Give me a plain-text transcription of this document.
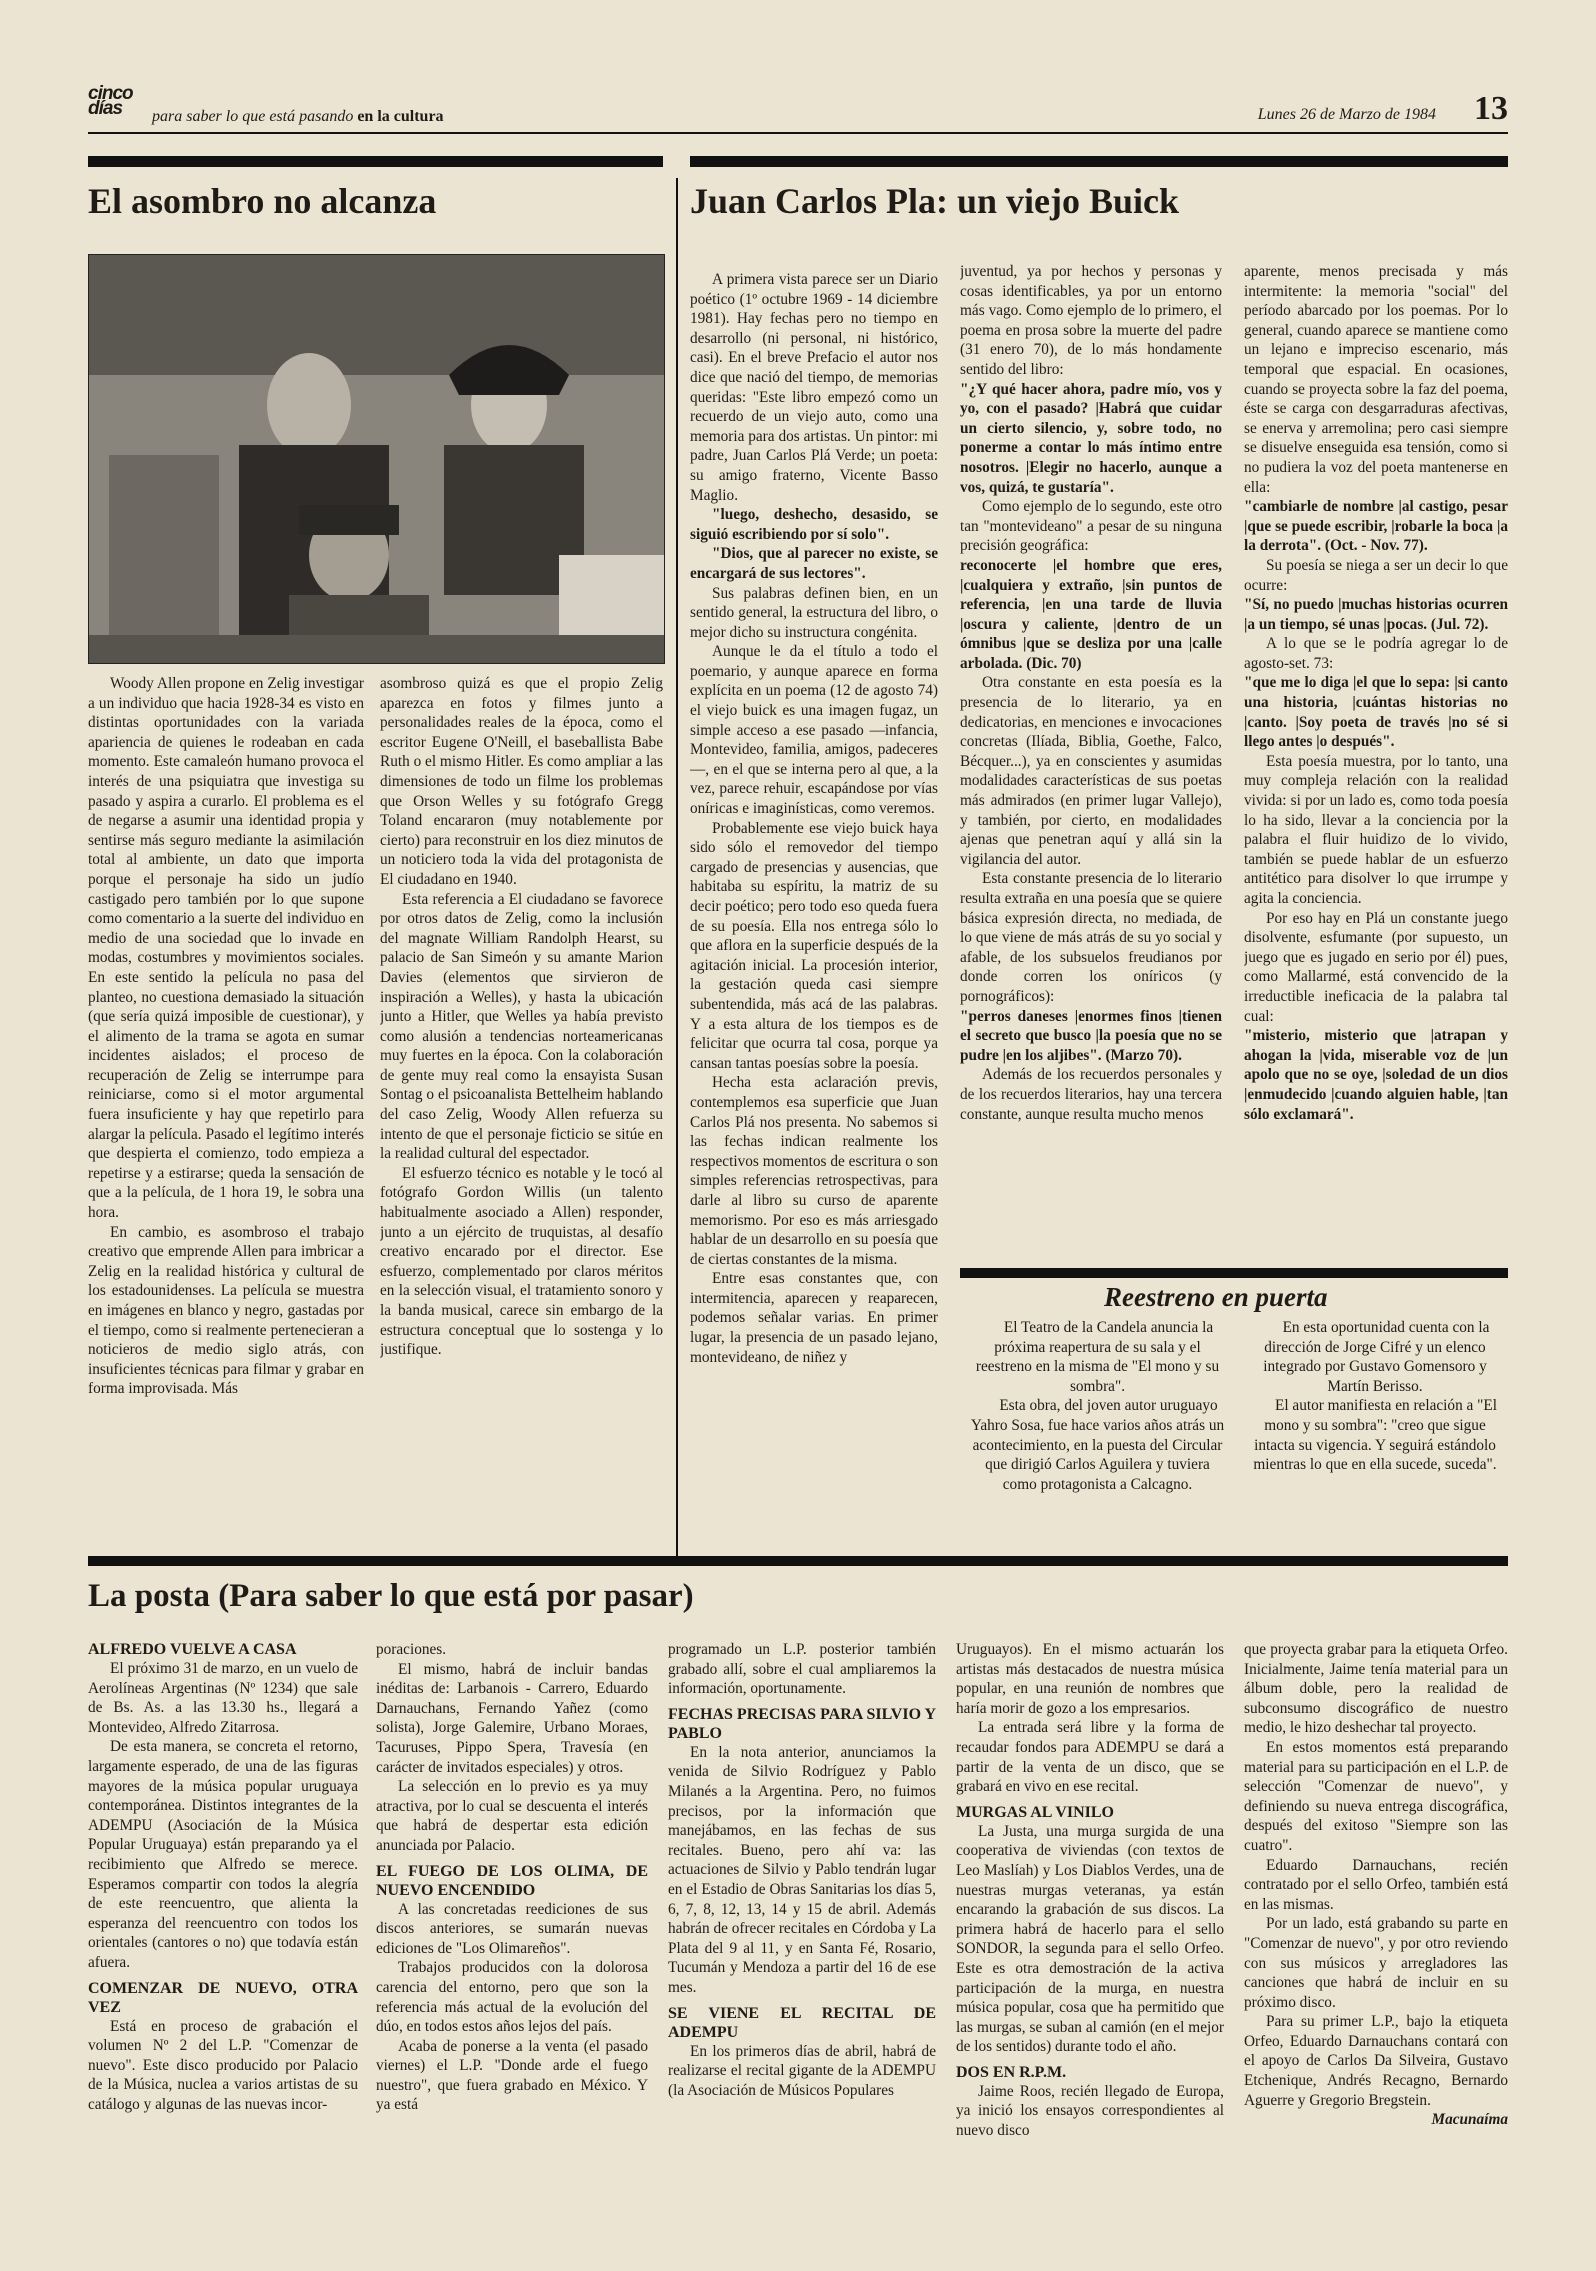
cinco días	para saber lo que está pasando en la cultura	Lunes 26 de Marzo de 1984 13
El asombro no alcanza

Woody Allen propone en Zelig investigar a un individuo que hacia 1928-34 es visto en distintas oportunidades con la variada apariencia de quienes le rodeaban en cada momento. Este camaleón humano provoca el interés de una psiquiatra que investiga su pasado y aspira a curarlo. El problema es el de negarse a asumir una identidad propia y sentirse más seguro mediante la asimilación total al ambiente, un dato que importa porque el personaje ha sido un judío castigado pero también por lo que supone como comentario a la suerte del individuo en medio de una sociedad que lo invade en modas, costumbres y movimientos sociales. En este sentido la película no pasa del planteo, no cuestiona demasiado la situación (que sería quizá imposible de cuestionar), y el alimento de la trama se agota en sumar incidentes aislados; el proceso de recuperación de Zelig se interrumpe para reiniciarse, como si el motor argumental fuera insuficiente y hay que repetirlo para alargar la película. Pasado el legítimo interés que despierta el comienzo, todo empieza a repetirse y a estirarse; queda la sensación de que a la película, de 1 hora 19, le sobra una hora.

En cambio, es asombroso el trabajo creativo que emprende Allen para imbricar a Zelig en la realidad histórica y cultural de los estadounidenses. La película se muestra en imágenes en blanco y negro, gastadas por el tiempo, como si realmente pertenecieran a noticieros de medio siglo atrás, con insuficientes técnicas para filmar y grabar en forma improvisada. Más

asombroso quizá es que el propio Zelig aparezca en fotos y filmes junto a personalidades reales de la época, como el escritor Eugene O'Neill, el baseballista Babe Ruth o el mismo Hitler. Es como ampliar a las dimensiones de todo un filme los problemas que Orson Welles y su fotógrafo Gregg Toland encararon (muy notablemente por cierto) para reconstruir en los diez minutos de un noticiero toda la vida del protagonista de El ciudadano en 1940.

Esta referencia a El ciudadano se favorece por otros datos de Zelig, como la inclusión del magnate William Randolph Hearst, su palacio de San Simeón y su amante Marion Davies (elementos que sirvieron de inspiración a Welles), y hasta la ubicación junto a Hitler, que Welles ya había previsto como alusión a tendencias norteamericanas muy fuertes en la época. Con la colaboración de gente muy real como la ensayista Susan Sontag o el psicoanalista Bettelheim hablando del caso Zelig, Woody Allen refuerza su intento de que el personaje ficticio se sitúe en la realidad cultural del espectador.

El esfuerzo técnico es notable y le tocó al fotógrafo Gordon Willis (un talento habitualmente asociado a Allen) responder, junto a un ejército de truquistas, al desafío creativo encarado por el director. Ese esfuerzo, complementado por claros méritos en la selección visual, el tratamiento sonoro y la banda musical, carece sin embargo de la estructura conceptual que lo sostenga y lo justifique.

Juan Carlos Pla: un viejo Buick

A primera vista parece ser un Diario poético (1º octubre 1969 - 14 diciembre 1981). Hay fechas pero no tiempo en desarrollo (ni personal, ni histórico, casi). En el breve Prefacio el autor nos dice que nació del tiempo, de memorias queridas: "Este libro empezó como un recuerdo de un viejo auto, como una memoria para dos artistas. Un pintor: mi padre, Juan Carlos Plá Verde; un poeta: su amigo fraterno, Vicente Basso Maglio.

"luego, deshecho, desasido, se siguió escribiendo por sí solo".

"Dios, que al parecer no existe, se encargará de sus lectores".

Sus palabras definen bien, en un sentido general, la estructura del libro, o mejor dicho su instructura congénita.

Aunque le da el título a todo el poemario, y aunque aparece en forma explícita en un poema (12 de agosto 74) el viejo buick es una imagen fugaz, un simple acceso a ese pasado —infancia, Montevideo, familia, amigos, padeceres—, en el que se interna pero al que, a la vez, parece rehuir, escapándose por vías oníricas e imaginísticas, como veremos.

Probablemente ese viejo buick haya sido sólo el removedor del tiempo cargado de presencias y ausencias, que habitaba su espíritu, la matriz de su decir poético; pero todo eso queda fuera de su poesía. Ella nos entrega sólo lo que aflora en la superficie después de la agitación inicial. La procesión interior, la gestación queda casi siempre subentendida, más acá de las palabras. Y a esta altura de los tiempos es de felicitar que ocurra tal cosa, porque ya cansan tantas poesías sobre la poesía.

Hecha esta aclaración previs, contemplemos esa superficie que Juan Carlos Plá nos presenta. No sabemos si las fechas indican realmente los respectivos momentos de escritura o son simples referencias retrospectivas, para darle al libro su curso de aparente memorismo. Por eso es más arriesgado hablar de un desarrollo en su poesía que de ciertas constantes de la misma.

Entre esas constantes que, con intermitencia, aparecen y reaparecen, podemos señalar varias. En primer lugar, la presencia de un pasado lejano, montevideano, de niñez y

juventud, ya por hechos y personas y cosas identificables, ya por un entorno más vago. Como ejemplo de lo primero, el poema en prosa sobre la muerte del padre (31 enero 70), de lo más hondamente sentido del libro:

"¿Y qué hacer ahora, padre mío, vos y yo, con el pasado? |Habrá que cuidar un cierto silencio, y, sobre todo, no ponerme a contar lo más íntimo entre nosotros. |Elegir no hacerlo, aunque a vos, quizá, te gustaría".

Como ejemplo de lo segundo, este otro tan "montevideano" a pesar de su ninguna precisión geográfica:

reconocerte |el hombre que eres, |cualquiera y extraño, |sin puntos de referencia, |en una tarde de lluvia |oscura y caliente, |dentro de un ómnibus |que se desliza por una |calle arbolada. (Dic. 70)

Otra constante en esta poesía es la presencia de lo literario, ya en dedicatorias, en menciones e invocaciones concretas (Ilíada, Biblia, Goethe, Falco, Bécquer...), ya en conscientes y asumidas modalidades características de sus poetas más admirados (en primer lugar Vallejo), y también, por cierto, en modalidades ajenas que penetran aquí y allá sin la vigilancia del autor.

Esta constante presencia de lo literario resulta extraña en una poesía que se quiere básica expresión directa, no mediada, de lo que viene de más atrás de su yo social y afable, de los subsuelos freudianos por donde corren los oníricos (y pornográficos):

"perros daneses |enormes finos |tienen el secreto que busco |la poesía que no se pudre |en los aljibes". (Marzo 70).

Además de los recuerdos personales y de los recuerdos literarios, hay una tercera constante, aunque resulta mucho menos

aparente, menos precisada y más intermitente: la memoria "social" del período abarcado por los poemas. Por lo general, cuando aparece se mantiene como un lejano e impreciso escenario, más temporal que espacial. En ocasiones, cuando se proyecta sobre la faz del poema, éste se carga con desgarraduras afectivas, se enerva y arremolina; pero casi siempre se disuelve enseguida esa tensión, como si no pudiera la voz del poeta mantenerse en ella:

"cambiarle de nombre |al castigo, pesar |que se puede escribir, |robarle la boca |a la derrota". (Oct. - Nov. 77).

Su poesía se niega a ser un decir lo que ocurre:

"Sí, no puedo |muchas historias ocurren |a un tiempo, sé unas |pocas. (Jul. 72).

A lo que se le podría agregar lo de agosto-set. 73:

"que me lo diga |el que lo sepa: |si canto una historia, |cuántas historias no |canto. |Soy poeta de través |no sé si llego antes |o después".

Esta poesía muestra, por lo tanto, una muy compleja relación con la realidad vivida: si por un lado es, como toda poesía lo ha sido, llevar a la conciencia por la palabra el fluir huidizo de lo vivido, también se puede hablar de un esfuerzo antitético para disolver lo que irrumpe y agita la conciencia.

Por eso hay en Plá un constante juego disolvente, esfumante (por supuesto, un juego que es jugado en serio por él) pues, como Mallarmé, está convencido de la irreductible ineficacia de la palabra tal cual:

"misterio, misterio que |atrapan y ahogan la |vida, miserable voz de |un apolo que no se oye, |soledad de un dios |enmudecido |cuando alguien hable, |tan sólo exclamará".

Reestreno en puerta

El Teatro de la Candela anuncia la próxima reapertura de su sala y el reestreno en la misma de "El mono y su sombra".

Esta obra, del joven autor uruguayo Yahro Sosa, fue hace varios años atrás un acontecimiento, en la puesta del Circular que dirigió Carlos Aguilera y tuviera como protagonista a Calcagno.

En esta oportunidad cuenta con la dirección de Jorge Cifré y un elenco integrado por Gustavo Gomensoro y Martín Berisso.

El autor manifiesta en relación a "El mono y su sombra": "creo que sigue intacta su vigencia. Y seguirá estándolo mientras lo que en ella sucede, suceda".

La posta (Para saber lo que está por pasar)

ALFREDO VUELVE A CASA

El próximo 31 de marzo, en un vuelo de Aerolíneas Argentinas (Nº 1234) que sale de Bs. As. a las 13.30 hs., llegará a Montevideo, Alfredo Zitarrosa.

De esta manera, se concreta el retorno, largamente esperado, de una de las figuras mayores de la música popular uruguaya contemporánea. Distintos integrantes de la ADEMPU (Asociación de la Música Popular Uruguaya) están preparando ya el recibimiento que Alfredo se merece. Esperamos compartir con todos la alegría de este reencuentro, que alienta la esperanza del reencuentro con todos los orientales (cantores o no) que todavía están afuera.

COMENZAR DE NUEVO, OTRA VEZ

Está en proceso de grabación el volumen Nº 2 del L.P. "Comenzar de nuevo". Este disco producido por Palacio de la Música, nuclea a varios artistas de su catálogo y algunas de las nuevas incor-

poraciones.

El mismo, habrá de incluir bandas inéditas de: Larbanois - Carrero, Eduardo Darnauchans, Fernando Yañez (como solista), Jorge Galemire, Urbano Moraes, Tacuruses, Pippo Spera, Travesía (en carácter de invitados especiales) y otros.

La selección en lo previo es ya muy atractiva, por lo cual se descuenta el interés que habrá de despertar esta edición anunciada por Palacio.

EL FUEGO DE LOS OLIMA, DE NUEVO ENCENDIDO

A las concretadas reediciones de sus discos anteriores, se sumarán nuevas ediciones de "Los Olimareños".

Trabajos producidos con la dolorosa carencia del entorno, pero que son la referencia más actual de la evolución del dúo, en todos estos años lejos del país.

Acaba de ponerse a la venta (el pasado viernes) el L.P. "Donde arde el fuego nuestro", que fuera grabado en México. Y ya está

programado un L.P. posterior también grabado allí, sobre el cual ampliaremos la información, oportunamente.

FECHAS PRECISAS PARA SILVIO Y PABLO

En la nota anterior, anunciamos la venida de Silvio Rodríguez y Pablo Milanés a la Argentina. Pero, no fuimos precisos, por la información que manejábamos, en las fechas de sus recitales. Bueno, pero ahí va: las actuaciones de Silvio y Pablo tendrán lugar en el Estadio de Obras Sanitarias los días 5, 6, 7, 8, 12, 13, 14 y 15 de abril. Además habrán de ofrecer recitales en Córdoba y La Plata del 9 al 11, y en Santa Fé, Rosario, Tucumán y Mendoza a partir del 16 de ese mes.

SE VIENE EL RECITAL DE ADEMPU

En los primeros días de abril, habrá de realizarse el recital gigante de la ADEMPU (la Asociación de Músicos Populares

Uruguayos). En el mismo actuarán los artistas más destacados de nuestra música popular, en una reunión de nombres que haría morir de gozo a los empresarios.

La entrada será libre y la forma de recaudar fondos para ADEMPU se dará a partir de la venta de un disco, que se grabará en vivo en ese recital.

MURGAS AL VINILO

La Justa, una murga surgida de una cooperativa de viviendas (con textos de Leo Maslíah) y Los Diablos Verdes, una de nuestras murgas veteranas, ya están encarando la grabación de sus discos. La primera habrá de hacerlo para el sello SONDOR, la segunda para el sello Orfeo. Este es otra demostración de la activa participación de la murga, en nuestra música popular, cosa que ha permitido que las murgas, se suban al camión (en el mejor de los sentidos) durante todo el año.

DOS EN R.P.M.

Jaime Roos, recién llegado de Europa, ya inició los ensayos correspondientes al nuevo disco

que proyecta grabar para la etiqueta Orfeo. Inicialmente, Jaime tenía material para un álbum doble, pero la realidad de subconsumo discográfico de nuestro medio, le hizo deshechar tal proyecto.

En estos momentos está preparando material para su participación en el L.P. de selección "Comenzar de nuevo", y definiendo su nueva entrega discográfica, después del exitoso "Siempre son las cuatro".

Eduardo Darnauchans, recién contratado por el sello Orfeo, también está en las mismas.

Por un lado, está grabando su parte en "Comenzar de nuevo", y por otro reviendo con sus músicos y arregladores las canciones que habrá de incluir en su próximo disco.

Para su primer L.P., bajo la etiqueta Orfeo, Eduardo Darnauchans contará con el apoyo de Carlos Da Silveira, Gustavo Etchenique, Andrés Recagno, Bernardo Aguerre y Gregorio Bregstein.

Macunaíma
